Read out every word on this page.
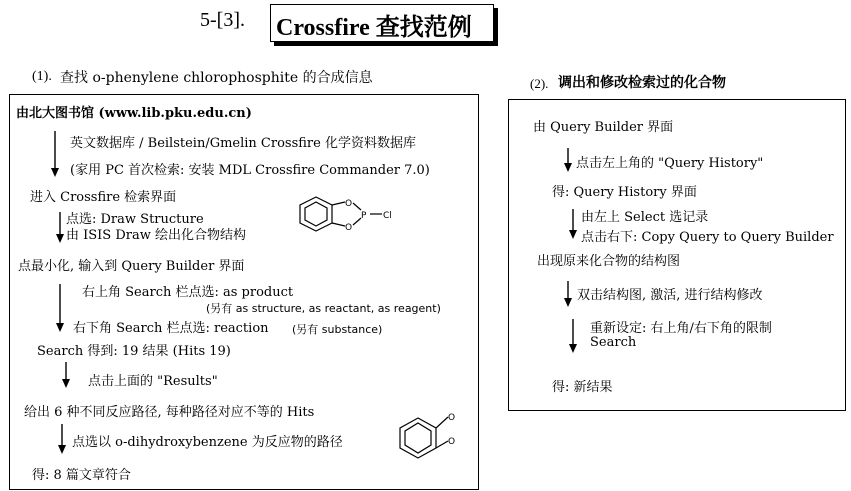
5-[3]. Crossfire 查找范例
(1). 查找 o-phenylene chlorophosphite 的合成信息
由北大图书馆 (www.lib.pku.edu.cn)
英文数据库 / Beilstein/Gmelin Crossfire 化学资料数据库
(家用 PC 首次检索: 安装 MDL Crossfire Commander 7.0)
进入 Crossfire 检索界面
点选: Draw Structure
由 ISIS Draw 绘出化合物结构
点最小化, 输入到 Query Builder 界面
右上角 Search 栏点选: as product
(另有 as structure, as reactant, as reagent)
右下角 Search 栏点选: reaction (另有 substance)
Search 得到: 19 结果 (Hits 19)
点击上面的 "Results"
给出 6 种不同反应路径, 每种路径对应不等的 Hits
点选以 o-dihydroxybenzene 为反应物的路径
得: 8 篇文章符合
O
O
P Cl
O
O
(2). 调出和修改检索过的化合物
由 Query Builder 界面
点击左上角的 "Query History"
得: Query History 界面
由左上 Select 选记录
点击右下: Copy Query to Query Builder
出现原来化合物的结构图
双击结构图, 激活, 进行结构修改
重新设定: 右上角/右下角的限制
Search
得: 新结果
